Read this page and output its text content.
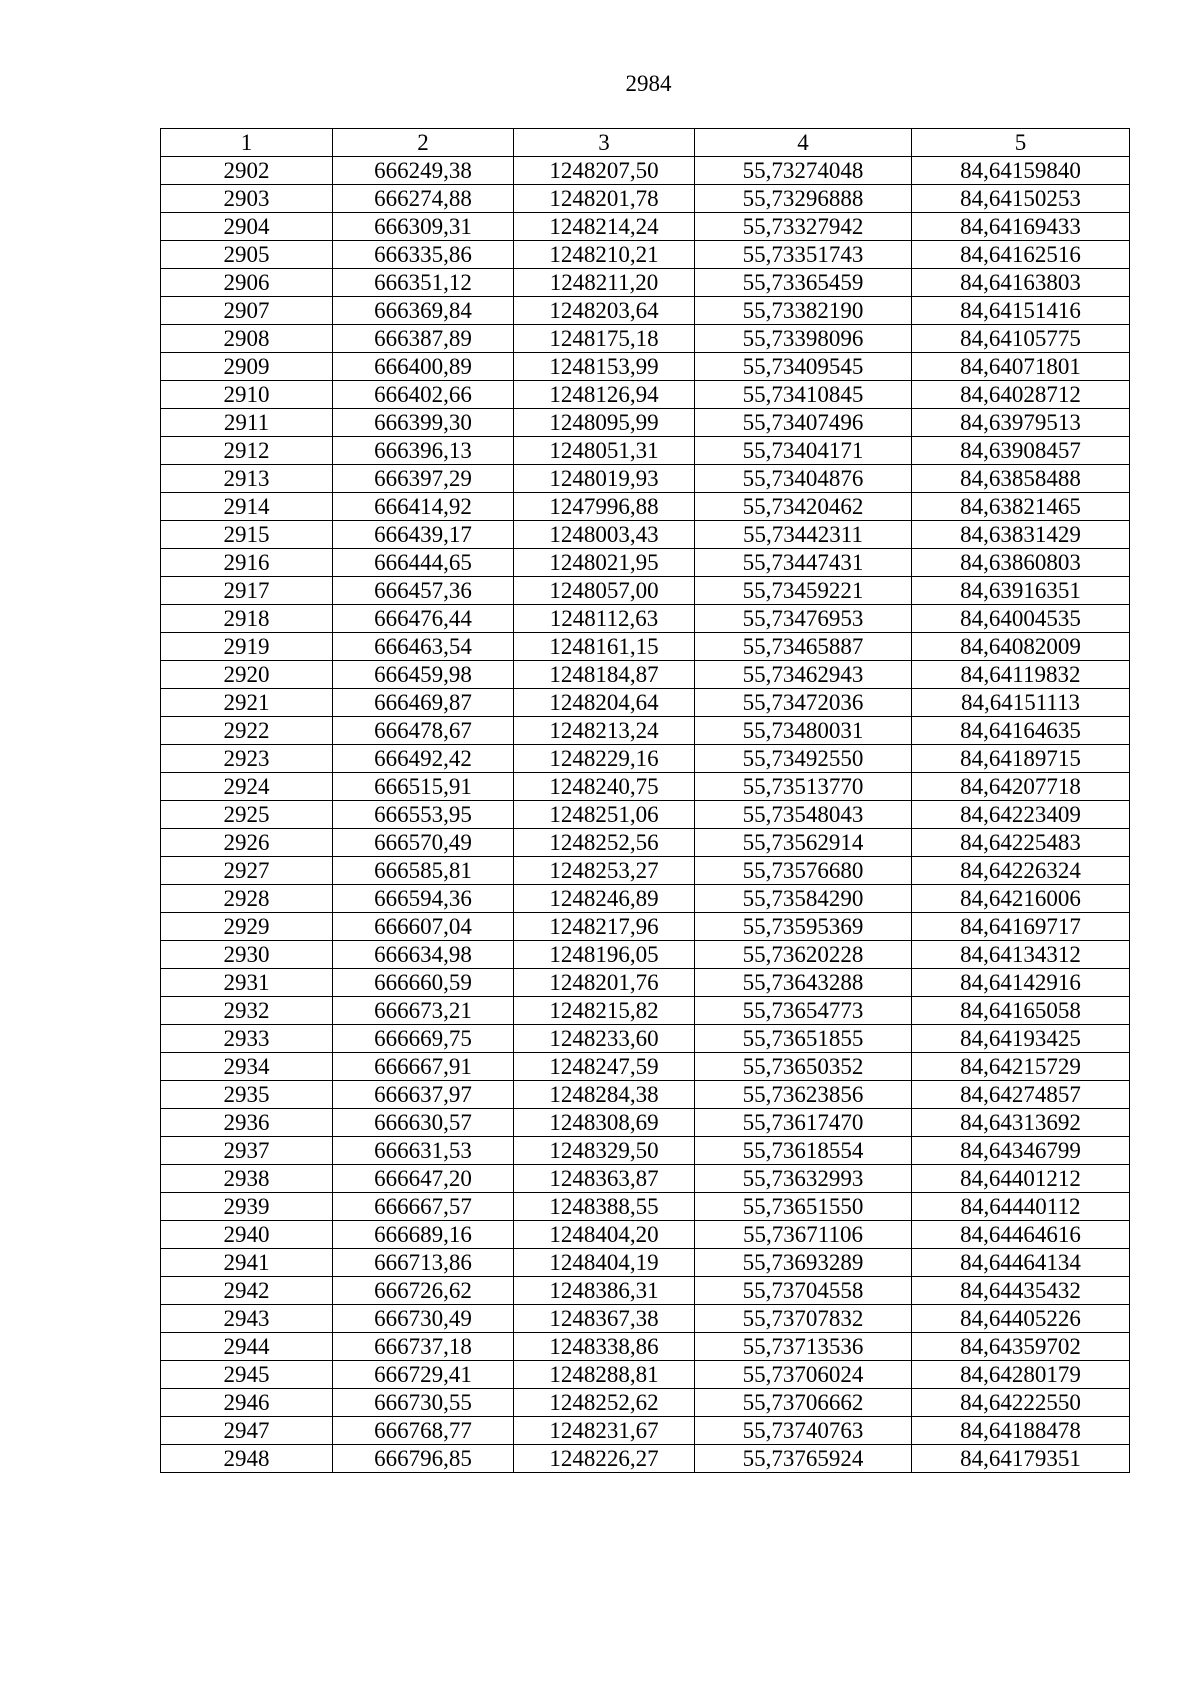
2984
1	2	3	4	5
2902	666249,38	1248207,50	55,73274048	84,64159840
2903	666274,88	1248201,78	55,73296888	84,64150253
2904	666309,31	1248214,24	55,73327942	84,64169433
2905	666335,86	1248210,21	55,73351743	84,64162516
2906	666351,12	1248211,20	55,73365459	84,64163803
2907	666369,84	1248203,64	55,73382190	84,64151416
2908	666387,89	1248175,18	55,73398096	84,64105775
2909	666400,89	1248153,99	55,73409545	84,64071801
2910	666402,66	1248126,94	55,73410845	84,64028712
2911	666399,30	1248095,99	55,73407496	84,63979513
2912	666396,13	1248051,31	55,73404171	84,63908457
2913	666397,29	1248019,93	55,73404876	84,63858488
2914	666414,92	1247996,88	55,73420462	84,63821465
2915	666439,17	1248003,43	55,73442311	84,63831429
2916	666444,65	1248021,95	55,73447431	84,63860803
2917	666457,36	1248057,00	55,73459221	84,63916351
2918	666476,44	1248112,63	55,73476953	84,64004535
2919	666463,54	1248161,15	55,73465887	84,64082009
2920	666459,98	1248184,87	55,73462943	84,64119832
2921	666469,87	1248204,64	55,73472036	84,64151113
2922	666478,67	1248213,24	55,73480031	84,64164635
2923	666492,42	1248229,16	55,73492550	84,64189715
2924	666515,91	1248240,75	55,73513770	84,64207718
2925	666553,95	1248251,06	55,73548043	84,64223409
2926	666570,49	1248252,56	55,73562914	84,64225483
2927	666585,81	1248253,27	55,73576680	84,64226324
2928	666594,36	1248246,89	55,73584290	84,64216006
2929	666607,04	1248217,96	55,73595369	84,64169717
2930	666634,98	1248196,05	55,73620228	84,64134312
2931	666660,59	1248201,76	55,73643288	84,64142916
2932	666673,21	1248215,82	55,73654773	84,64165058
2933	666669,75	1248233,60	55,73651855	84,64193425
2934	666667,91	1248247,59	55,73650352	84,64215729
2935	666637,97	1248284,38	55,73623856	84,64274857
2936	666630,57	1248308,69	55,73617470	84,64313692
2937	666631,53	1248329,50	55,73618554	84,64346799
2938	666647,20	1248363,87	55,73632993	84,64401212
2939	666667,57	1248388,55	55,73651550	84,64440112
2940	666689,16	1248404,20	55,73671106	84,64464616
2941	666713,86	1248404,19	55,73693289	84,64464134
2942	666726,62	1248386,31	55,73704558	84,64435432
2943	666730,49	1248367,38	55,73707832	84,64405226
2944	666737,18	1248338,86	55,73713536	84,64359702
2945	666729,41	1248288,81	55,73706024	84,64280179
2946	666730,55	1248252,62	55,73706662	84,64222550
2947	666768,77	1248231,67	55,73740763	84,64188478
2948	666796,85	1248226,27	55,73765924	84,64179351
